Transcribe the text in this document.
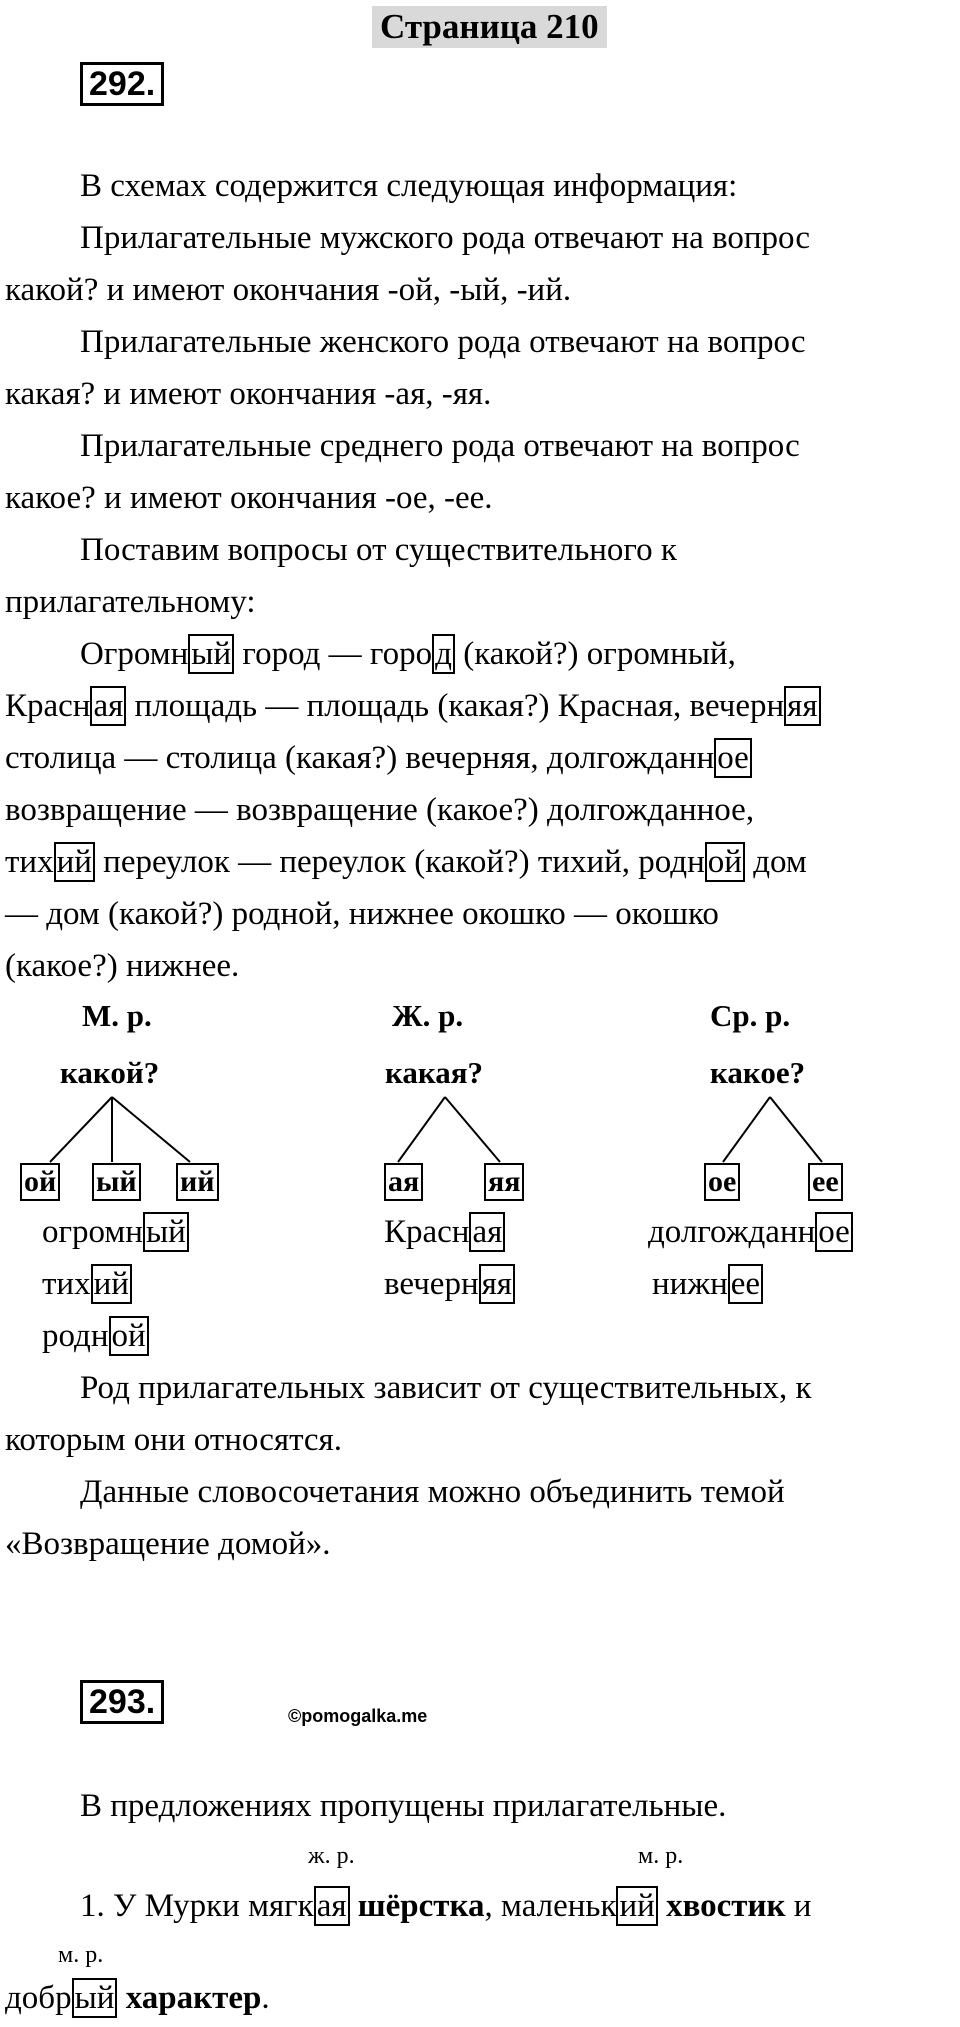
Страница 210
292.
В схемах содержится следующая информация:
Прилагательные мужского рода отвечают на вопрос
какой? и имеют окончания -ой, -ый, -ий.
Прилагательные женского рода отвечают на вопрос
какая? и имеют окончания -ая, -яя.
Прилагательные среднего рода отвечают на вопрос
какое? и имеют окончания -ое, -ее.
Поставим вопросы от существительного к
прилагательному:
Огромный город — город (какой?) огромный,
Красная площадь — площадь (какая?) Красная, вечерняя
столица — столица (какая?) вечерняя, долгожданное
возвращение — возвращение (какое?) долгожданное,
тихий переулок — переулок (какой?) тихий, родной дом
— дом (какой?) родной, нижнее окошко — окошко
(какое?) нижнее.
М. р.
какой?
Ж. р.
какая?
Ср. р.
какое?
ой ый ий	ая яя	ое	ее
огромный
тихий
родной
Красная
вечерняя
долгожданное
нижнее
Род прилагательных зависит от существительных, к
которым они относятся.
Данные словосочетания можно объединить темой
«Возвращение домой».
293.	©pomogalka.me
В предложениях пропущены прилагательные.
ж. р.	м. р.
1. У Мурки мягкая шёрстка, маленький хвостик и
м. р.
добрый характер.
